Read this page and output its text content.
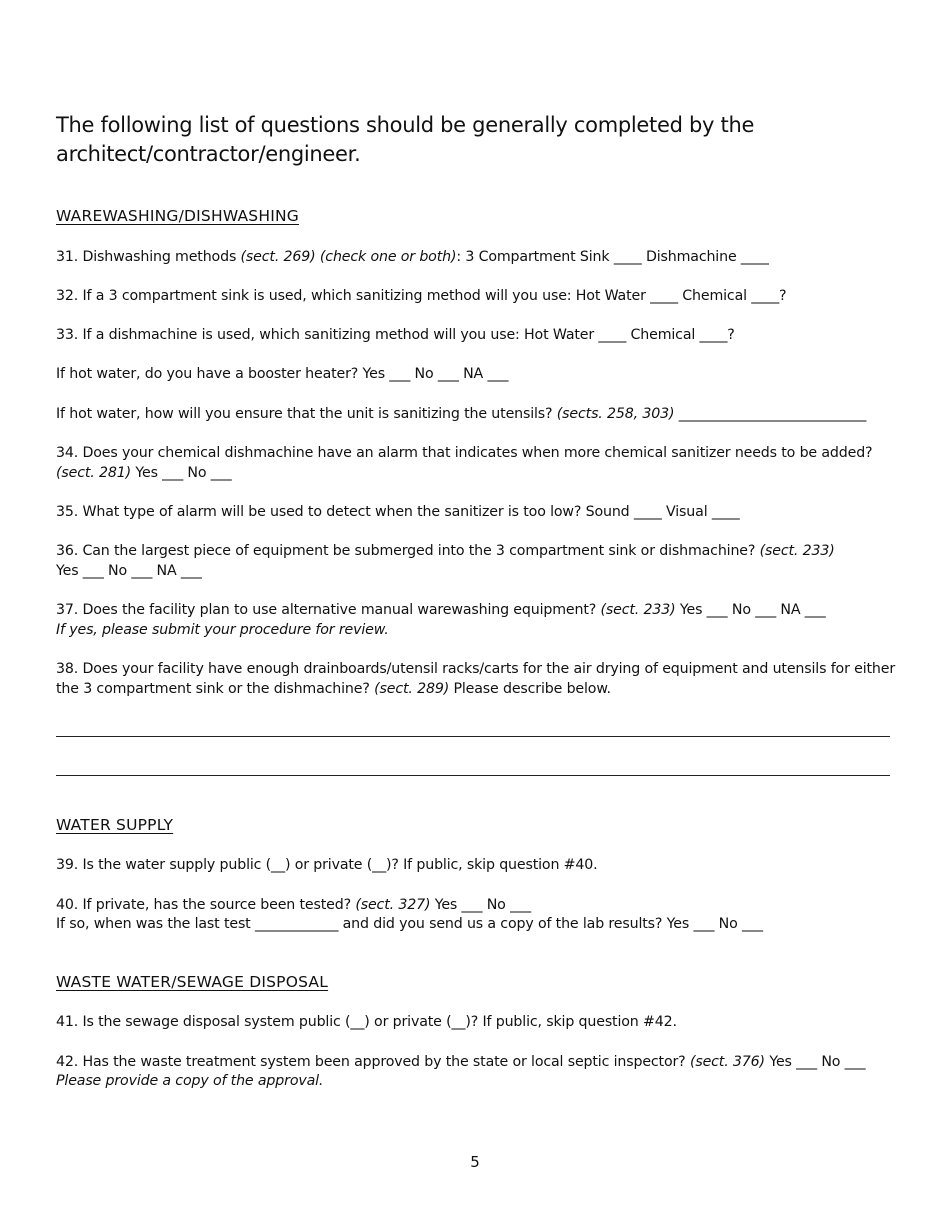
The following list of questions should be generally completed by the architect/contractor/engineer.
WAREWASHING/DISHWASHING
31. Dishwashing methods (sect. 269) (check one or both): 3 Compartment Sink ____ Dishmachine ____
32. If a 3 compartment sink is used, which sanitizing method will you use: Hot Water ____ Chemical ____?
33. If a dishmachine is used, which sanitizing method will you use: Hot Water ____ Chemical ____?
If hot water, do you have a booster heater? Yes ___ No ___ NA ___
If hot water, how will you ensure that the unit is sanitizing the utensils? (sects. 258, 303) ___________________________
34. Does your chemical dishmachine have an alarm that indicates when more chemical sanitizer needs to be added?
(sect. 281) Yes ___ No ___
35. What type of alarm will be used to detect when the sanitizer is too low? Sound ____ Visual ____
36. Can the largest piece of equipment be submerged into the 3 compartment sink or dishmachine? (sect. 233)
Yes ___ No ___ NA ___
37. Does the facility plan to use alternative manual warewashing equipment? (sect. 233) Yes ___ No ___ NA ___
If yes, please submit your procedure for review.
38. Does your facility have enough drainboards/utensil racks/carts for the air drying of equipment and utensils for either
the 3 compartment sink or the dishmachine? (sect. 289) Please describe below.
WATER SUPPLY
39. Is the water supply public (__) or private (__)? If public, skip question #40.
40. If private, has the source been tested? (sect. 327) Yes ___ No ___
If so, when was the last test ____________ and did you send us a copy of the lab results? Yes ___ No ___
WASTE WATER/SEWAGE DISPOSAL
41. Is the sewage disposal system public (__) or private (__)? If public, skip question #42.
42. Has the waste treatment system been approved by the state or local septic inspector? (sect. 376) Yes ___ No ___
Please provide a copy of the approval.
5
